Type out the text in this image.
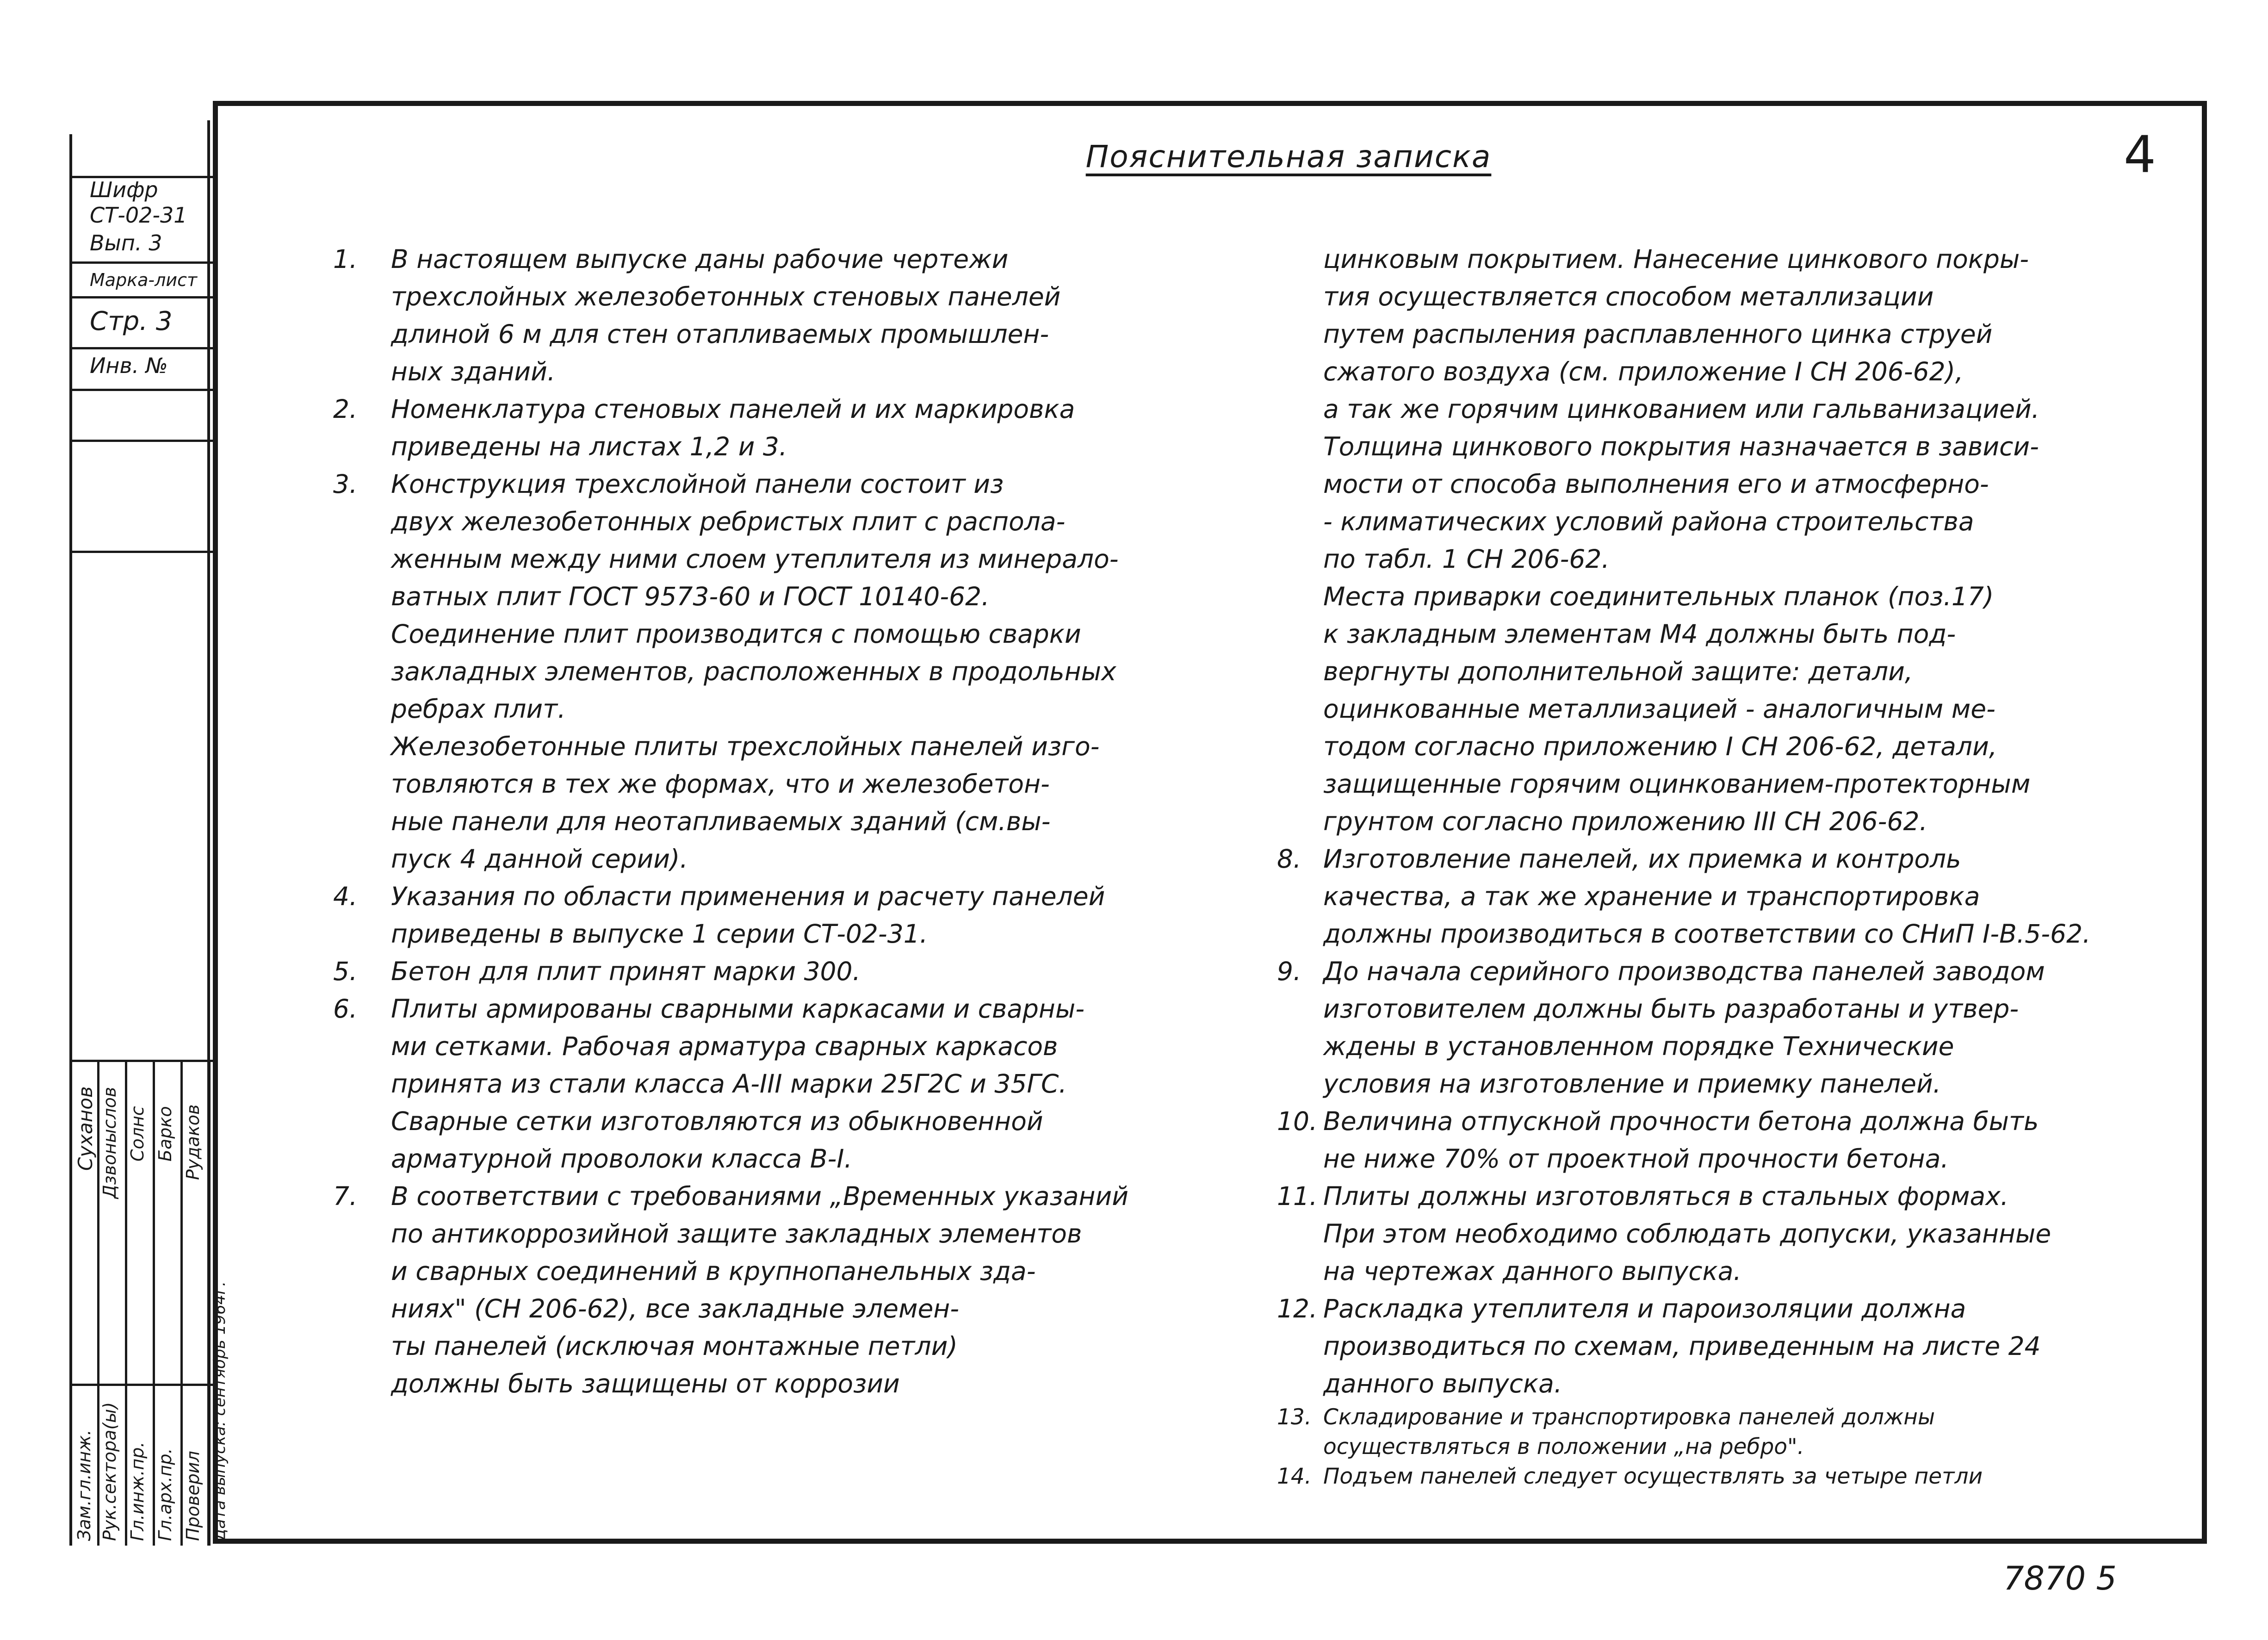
Шифр
СТ-02-31
Вып. 3
Марка-лист
Стр. 3
Инв. №
Зам.гл.инж. Рук.сектора(ы) Гл.инж.пр. Гл.арх.пр. Проверил Дата выпуска: сентябрь 1964г.
Суханов Дзвоныслов Солнс Барко Рудаков
Пояснительная записка	4
1. В настоящем выпуске даны рабочие чертежи

трехслойных железобетонных стеновых панелей

длиной 6 м для стен отапливаемых промышлен-

ных зданий.

2. Номенклатура стеновых панелей и их маркировка

приведены на листах 1,2 и 3.

3. Конструкция трехслойной панели состоит из

двух железобетонных ребристых плит с распола-

женным между ними слоем утеплителя из минерало-

ватных плит ГОСТ 9573-60 и ГОСТ 10140-62.

Соединение плит производится с помощью сварки

закладных элементов, расположенных в продольных

ребрах плит.

Железобетонные плиты трехслойных панелей изго-

товляются в тех же формах, что и железобетон-

ные панели для неотапливаемых зданий (см.вы-

пуск 4 данной серии).

4. Указания по области применения и расчету панелей

приведены в выпуске 1 серии СТ-02-31.

5. Бетон для плит принят марки 300.

6. Плиты армированы сварными каркасами и сварны-

ми сетками. Рабочая арматура сварных каркасов

принята из стали класса А-III марки 25Г2С и 35ГС.

Сварные сетки изготовляются из обыкновенной

арматурной проволоки класса В-I.

7. В соответствии с требованиями „Временных указаний

по антикоррозийной защите закладных элементов

и сварных соединений в крупнопанельных зда-

ниях" (СН 206-62), все закладные элемен-

ты панелей (исключая монтажные петли)

должны быть защищены от коррозии

цинковым покрытием. Нанесение цинкового покры-

тия осуществляется способом металлизации

путем распыления расплавленного цинка струей

сжатого воздуха (см. приложение I СН 206-62),

а так же горячим цинкованием или гальванизацией.

Толщина цинкового покрытия назначается в зависи-

мости от способа выполнения его и атмосферно-

- климатических условий района строительства

по табл. 1 СН 206-62.

Места приварки соединительных планок (поз.17)

к закладным элементам М4 должны быть под-

вергнуты дополнительной защите: детали,

оцинкованные металлизацией - аналогичным ме-

тодом согласно приложению I СН 206-62, детали,

защищенные горячим оцинкованием-протекторным

грунтом согласно приложению III СН 206-62.

8. Изготовление панелей, их приемка и контроль

качества, а так же хранение и транспортировка

должны производиться в соответствии со СНиП I-В.5-62.

9. До начала серийного производства панелей заводом

изготовителем должны быть разработаны и утвер-

ждены в установленном порядке Технические

условия на изготовление и приемку панелей.

10. Величина отпускной прочности бетона должна быть

не ниже 70% от проектной прочности бетона.

11. Плиты должны изготовляться в стальных формах.

При этом необходимо соблюдать допуски, указанные

на чертежах данного выпуска.

12. Раскладка утеплителя и пароизоляции должна

производиться по схемам, приведенным на листе 24

данного выпуска.

13. Складирование и транспортировка панелей должны

осуществляться в положении „на ребро".

14. Подъем панелей следует осуществлять за четыре петли

7870 5
